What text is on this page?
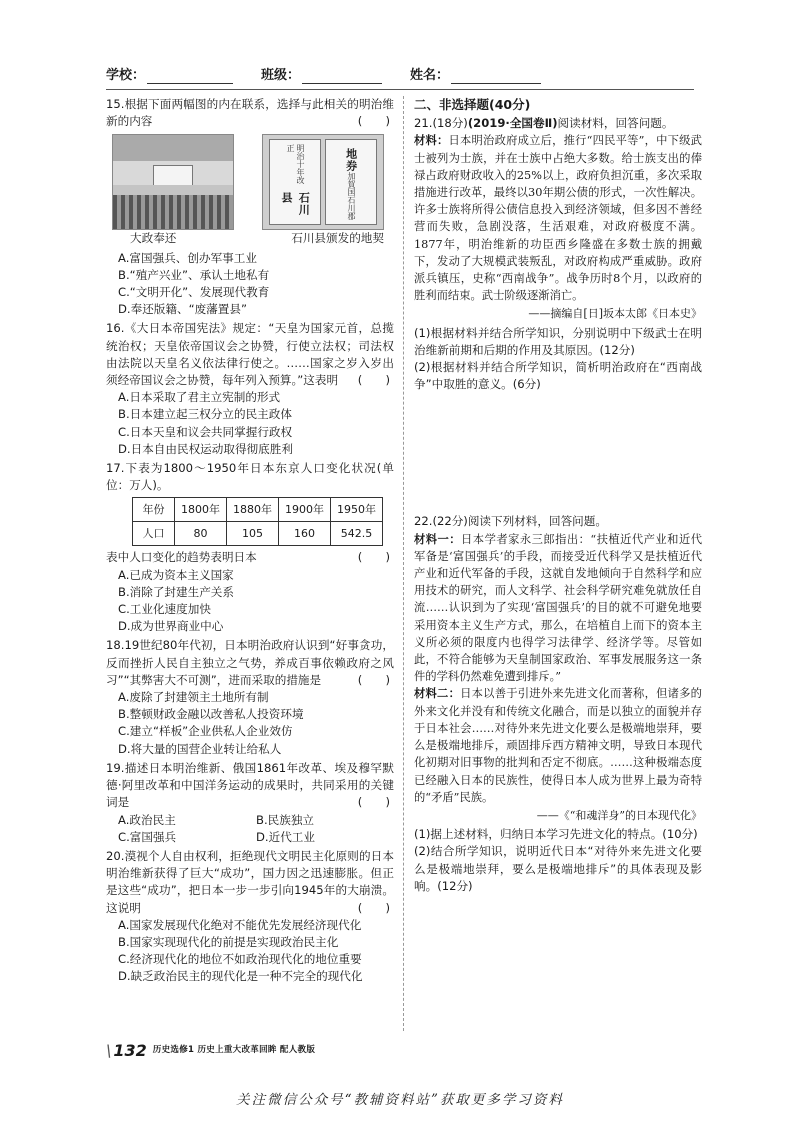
学校：	班级：	姓名：
15.根据下面两幅图的内在联系，选择与此相关的明治维新的内容	(　　)
明治十年改正
石川县
地券
加賀国石川郡
大政奉还	石川县颁发的地契
A.富国强兵、创办军事工业
B.“殖产兴业”、承认土地私有
C.“文明开化”、发展现代教育
D.奉还版籍、“废藩置县”
16.《大日本帝国宪法》规定：“天皇为国家元首，总揽统治权；天皇依帝国议会之协赞，行使立法权；司法权由法院以天皇名义依法律行使之。……国家之岁入岁出须经帝国议会之协赞，每年列入预算。”这表明 (　　)
A.日本采取了君主立宪制的形式
B.日本建立起三权分立的民主政体
C.日本天皇和议会共同掌握行政权
D.日本自由民权运动取得彻底胜利
17.下表为1800～1950年日本东京人口变化状况(单位：万人)。
年份	1800年	1880年	1900年	1950年
人口	80	105	160	542.5
表中人口变化的趋势表明日本	(　　)
A.已成为资本主义国家
B.消除了封建生产关系
C.工业化速度加快
D.成为世界商业中心
18.19世纪80年代初，日本明治政府认识到“好事贪功，反而挫折人民自主独立之气势，养成百事依赖政府之风习”“其弊害大不可测”，进而采取的措施是	(　　)
A.废除了封建领主土地所有制
B.整顿财政金融以改善私人投资环境
C.建立“样板”企业供私人企业效仿
D.将大量的国营企业转让给私人
19.描述日本明治维新、俄国1861年改革、埃及穆罕默德·阿里改革和中国洋务运动的成果时，共同采用的关键词是	(　　)
A.政治民主	B.民族独立
C.富国强兵	D.近代工业
20.漠视个人自由权利，拒绝现代文明民主化原则的日本明治维新获得了巨大“成功”，国力因之迅速膨胀。但正是这些“成功”，把日本一步一步引向1945年的大崩溃。这说明	(　　)
A.国家发展现代化绝对不能优先发展经济现代化
B.国家实现现代化的前提是实现政治民主化
C.经济现代化的地位不如政治现代化的地位重要
D.缺乏政治民主的现代化是一种不完全的现代化
二、非选择题(40分)
21.(18分)(2019·全国卷Ⅱ)阅读材料，回答问题。
材料：日本明治政府成立后，推行“四民平等”，中下级武士被列为士族，并在士族中占绝大多数。给士族支出的俸禄占政府财政收入的25%以上，政府负担沉重，多次采取措施进行改革，最终以30年期公债的形式，一次性解决。许多士族将所得公债信息投入到经济领域，但多因不善经营而失败，急剧没落，生活艰难，对政府极度不满。1877年，明治维新的功臣西乡隆盛在多数士族的拥戴下，发动了大规模武装叛乱，对政府构成严重威胁。政府派兵镇压，史称“西南战争”。战争历时8个月，以政府的胜利而结束。武士阶级逐渐消亡。
——摘编自[日]坂本太郎《日本史》
(1)根据材料并结合所学知识，分别说明中下级武士在明治维新前期和后期的作用及其原因。(12分)
(2)根据材料并结合所学知识，简析明治政府在“西南战争”中取胜的意义。(6分)
22.(22分)阅读下列材料，回答问题。
材料一：日本学者家永三郎指出：“扶植近代产业和近代军备是‘富国强兵’的手段，而接受近代科学又是扶植近代产业和近代军备的手段，这就自发地倾向于自然科学和应用技术的研究，而人文科学、社会科学研究难免就放任自流……认识到为了实现‘富国强兵’的目的就不可避免地要采用资本主义生产方式，那么，在培植自上而下的资本主义所必须的限度内也得学习法律学、经济学等。尽管如此，不符合能够为天皇制国家政治、军事发展服务这一条件的学科仍然难免遭到排斥。”
材料二：日本以善于引进外来先进文化而著称，但诸多的外来文化并没有和传统文化融合，而是以独立的面貌并存于日本社会……对待外来先进文化要么是极端地崇拜，要么是极端地排斥，顽固排斥西方精神文明，导致日本现代化初期对旧事物的批判和否定不彻底。……这种极端态度已经融入日本的民族性，使得日本人成为世界上最为奇特的“矛盾”民族。
——《“和魂洋身”的日本现代化》
(1)据上述材料，归纳日本学习先进文化的特点。(10分)
(2)结合所学知识，说明近代日本“对待外来先进文化要么是极端地崇拜，要么是极端地排斥”的具体表现及影响。(12分)
\ 132 历史选修1 历史上重大改革回眸 配人教版
关注微信公众号“教辅资料站”获取更多学习资料
